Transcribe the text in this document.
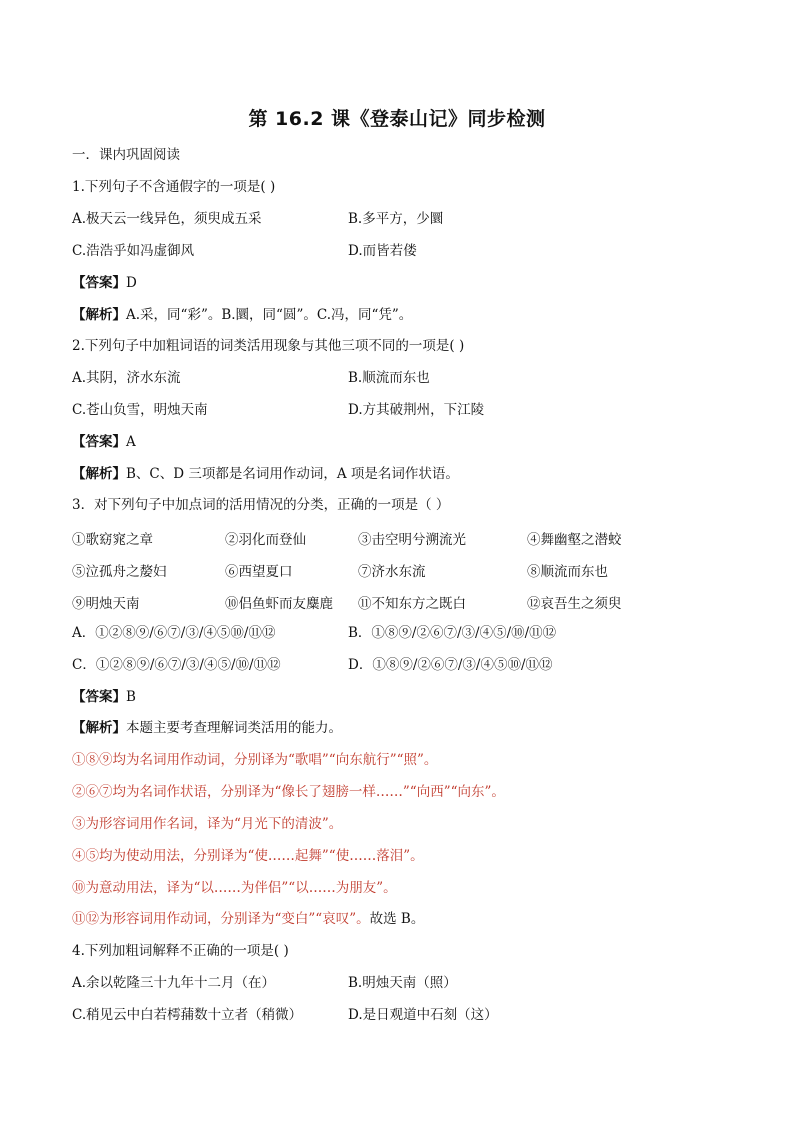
第 16.2 课《登泰山记》同步检测
一．课内巩固阅读
1.下列句子不含通假字的一项是( )
A.极天云一线异色，须臾成五采	B.多平方，少圜
C.浩浩乎如冯虚御风	D.而皆若偻
【答案】D
【解析】A.采，同“彩”。B.圜，同“圆”。C.冯，同“凭”。
2.下列句子中加粗词语的词类活用现象与其他三项不同的一项是( )
A.其阴，济水东流	B.顺流而东也
C.苍山负雪，明烛天南	D.方其破荆州，下江陵
【答案】A
【解析】B、C、D 三项都是名词用作动词，A 项是名词作状语。
3．对下列句子中加点词的活用情况的分类，正确的一项是（ ）
①歌窈窕之章	②羽化而登仙	③击空明兮溯流光	④舞幽壑之潜蛟
⑤泣孤舟之嫠妇	⑥西望夏口	⑦济水东流	⑧顺流而东也
⑨明烛天南	⑩侣鱼虾而友麋鹿 ⑪不知东方之既白	⑫哀吾生之须臾
A．①②⑧⑨/⑥⑦/③/④⑤⑩/⑪⑫	B．①⑧⑨/②⑥⑦/③/④⑤/⑩/⑪⑫
C．①②⑧⑨/⑥⑦/③/④⑤/⑩/⑪⑫	D．①⑧⑨/②⑥⑦/③/④⑤⑩/⑪⑫
【答案】B
【解析】本题主要考查理解词类活用的能力。
①⑧⑨均为名词用作动词，分别译为“歌唱”“向东航行”“照”。
②⑥⑦均为名词作状语，分别译为“像长了翅膀一样……”“向西”“向东”。
③为形容词用作名词，译为“月光下的清波”。
④⑤均为使动用法，分别译为“使……起舞”“使……落泪”。
⑩为意动用法，译为“以……为伴侣”“以……为朋友”。
⑪⑫为形容词用作动词，分别译为“变白”“哀叹”。故选 B。
4.下列加粗词解释不正确的一项是( )
A.余以乾隆三十九年十二月（在）	B.明烛天南（照）
C.稍见云中白若樗蒱数十立者（稍微）	D.是日观道中石刻（这）
